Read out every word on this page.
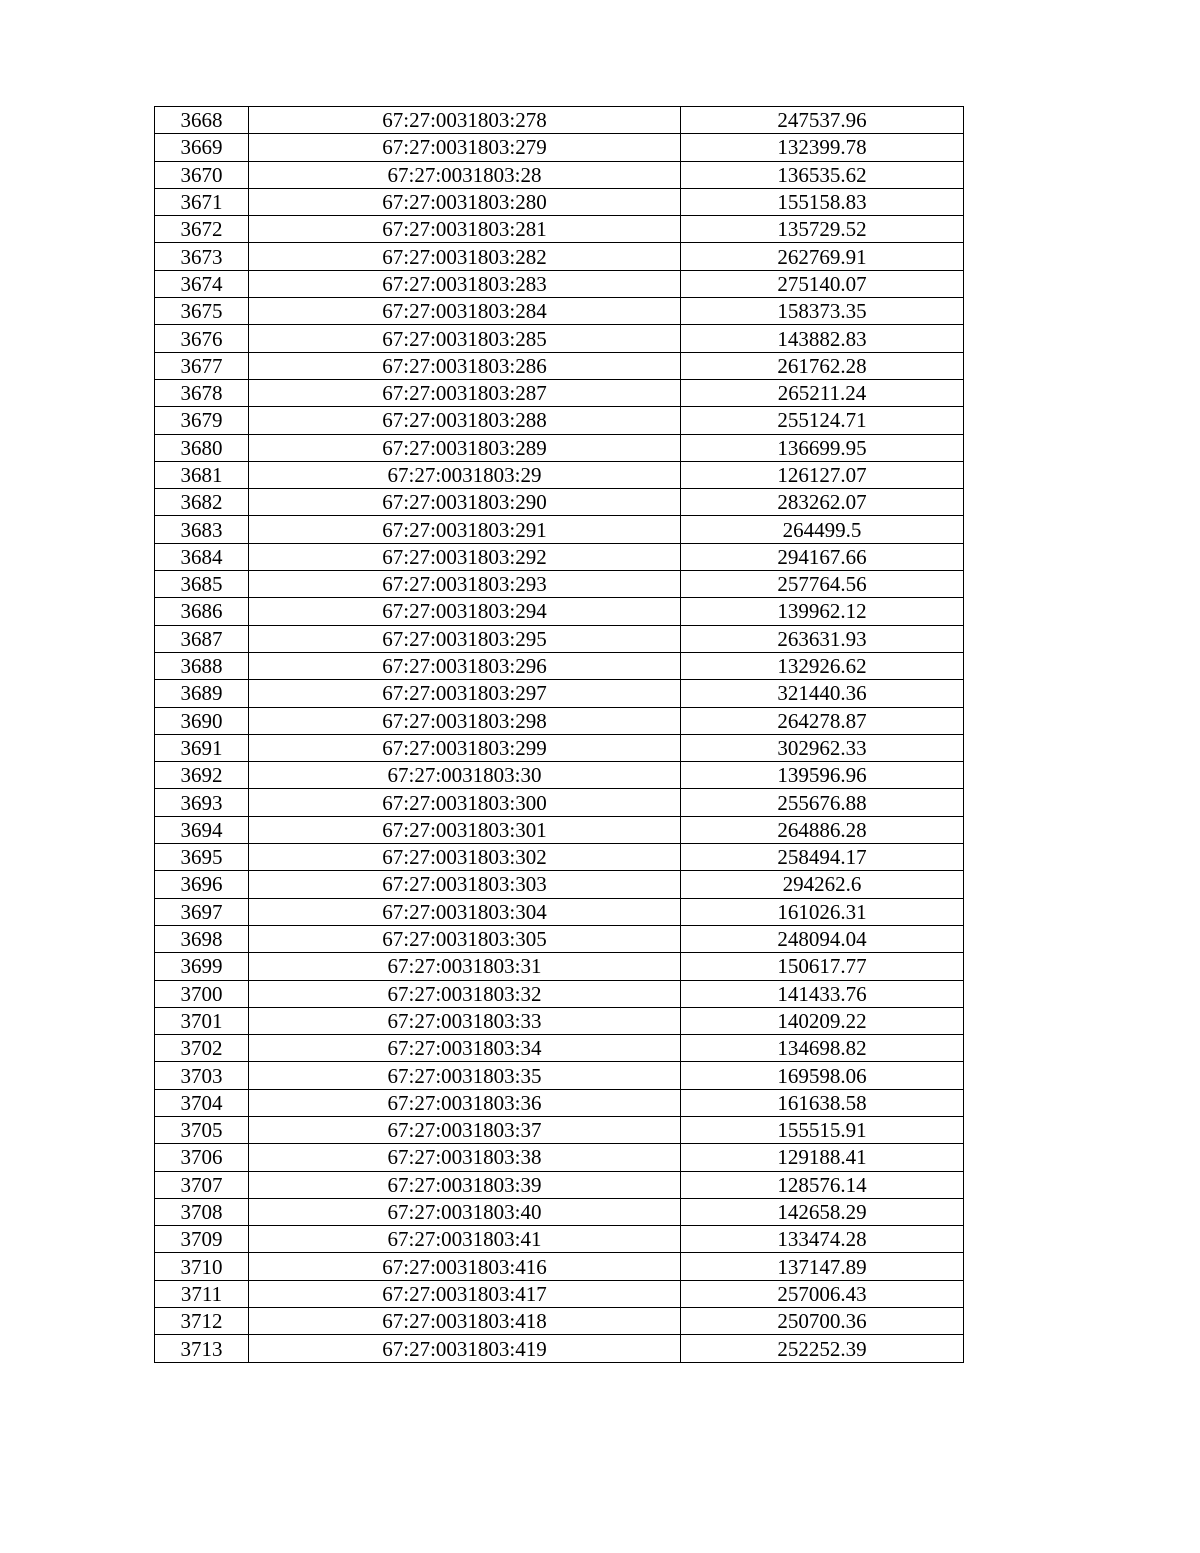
3668	67:27:0031803:278	247537.96
3669	67:27:0031803:279	132399.78
3670	67:27:0031803:28	136535.62
3671	67:27:0031803:280	155158.83
3672	67:27:0031803:281	135729.52
3673	67:27:0031803:282	262769.91
3674	67:27:0031803:283	275140.07
3675	67:27:0031803:284	158373.35
3676	67:27:0031803:285	143882.83
3677	67:27:0031803:286	261762.28
3678	67:27:0031803:287	265211.24
3679	67:27:0031803:288	255124.71
3680	67:27:0031803:289	136699.95
3681	67:27:0031803:29	126127.07
3682	67:27:0031803:290	283262.07
3683	67:27:0031803:291	264499.5
3684	67:27:0031803:292	294167.66
3685	67:27:0031803:293	257764.56
3686	67:27:0031803:294	139962.12
3687	67:27:0031803:295	263631.93
3688	67:27:0031803:296	132926.62
3689	67:27:0031803:297	321440.36
3690	67:27:0031803:298	264278.87
3691	67:27:0031803:299	302962.33
3692	67:27:0031803:30	139596.96
3693	67:27:0031803:300	255676.88
3694	67:27:0031803:301	264886.28
3695	67:27:0031803:302	258494.17
3696	67:27:0031803:303	294262.6
3697	67:27:0031803:304	161026.31
3698	67:27:0031803:305	248094.04
3699	67:27:0031803:31	150617.77
3700	67:27:0031803:32	141433.76
3701	67:27:0031803:33	140209.22
3702	67:27:0031803:34	134698.82
3703	67:27:0031803:35	169598.06
3704	67:27:0031803:36	161638.58
3705	67:27:0031803:37	155515.91
3706	67:27:0031803:38	129188.41
3707	67:27:0031803:39	128576.14
3708	67:27:0031803:40	142658.29
3709	67:27:0031803:41	133474.28
3710	67:27:0031803:416	137147.89
3711	67:27:0031803:417	257006.43
3712	67:27:0031803:418	250700.36
3713	67:27:0031803:419	252252.39
